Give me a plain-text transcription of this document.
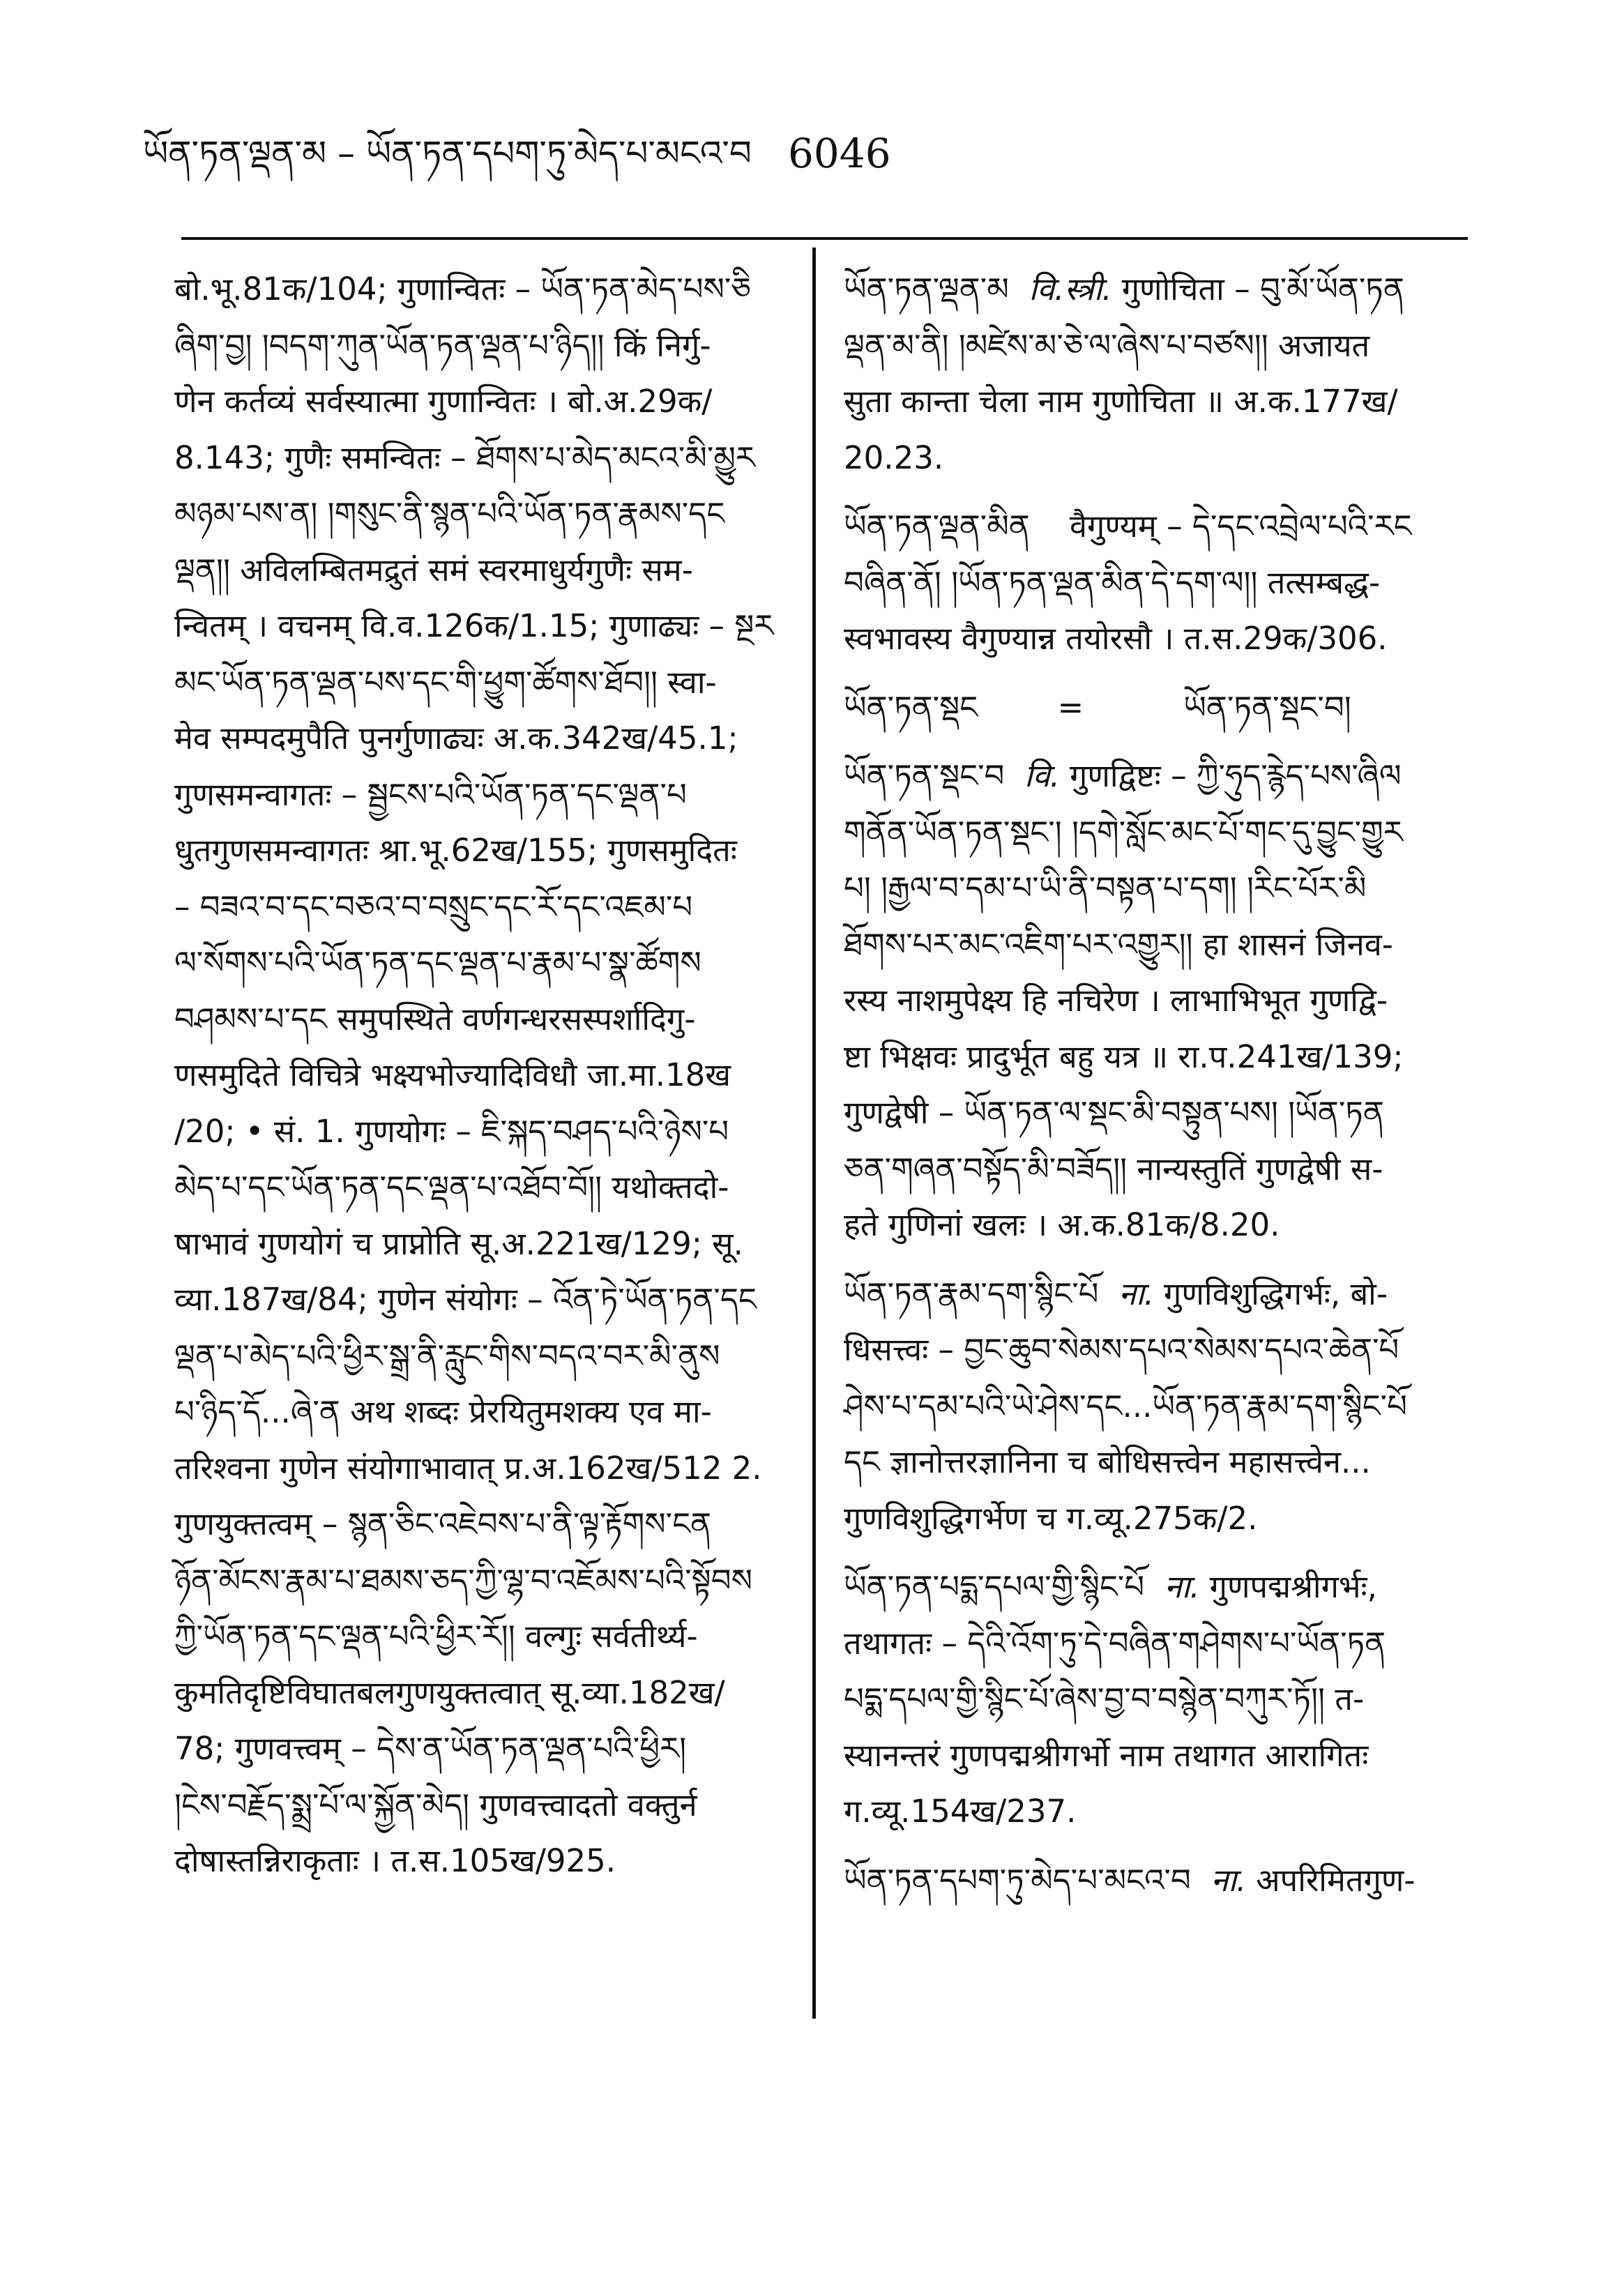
ཡོན་ཏན་ལྡན་མ – ཡོན་ཏན་དཔག་ཏུ་མེད་པ་མངའ་བ 6046
बो.भू.81क/104; गुणान्वितः – ཡོན་ཏན་མེད་པས་ཅི
ཞིག་བྱ། །བདག་ཀུན་ཡོན་ཏན་ལྡན་པ་ཉིད།། किं निर्गु-
णेन कर्तव्यं सर्वस्यात्मा गुणान्वितः । बो.अ.29क/
8.143; गुणैः समन्वितः – ཐོགས་པ་མེད་མངའ་མི་མྱུར
མཉམ་པས་ན། །གསུང་ནི་སྙན་པའི་ཡོན་ཏན་རྣམས་དང
ལྡན།། अविलम्बितमद्रुतं समं स्वरमाधुर्यगुणैः सम-
न्वितम् । वचनम् वि.व.126क/1.15; गुणाढ्यः – སྔར
མང་ཡོན་ཏན་ལྡན་པས་དང་གི་ཕྱུག་ཚོགས་ཐོབ།། स्वा-
मेव सम्पदमुपैति पुनर्गुणाढ्यः अ.क.342ख/45.1;
गुणसमन्वागतः – སྦྱངས་པའི་ཡོན་ཏན་དང་ལྡན་པ
धुतगुणसमन्वागतः श्रा.भू.62ख/155; गुणसमुदितः
– བཟའ་བ་དང་བཅའ་བ་བསྲུང་དང་རོ་དང་འཇམ་པ
ལ་སོགས་པའི་ཡོན་ཏན་དང་ལྡན་པ་རྣམ་པ་སྣ་ཚོགས
བཤམས་པ་དང समुपस्थिते वर्णगन्धरसस्पर्शादिगु-
णसमुदिते विचित्रे भक्ष्यभोज्यादिविधौ जा.मा.18ख
/20; • सं. 1. गुणयोगः – ཇི་སྐད་བཤད་པའི་ཉེས་པ
མེད་པ་དང་ཡོན་ཏན་དང་ལྡན་པ་འཐོབ་བོ།། यथोक्तदो-
षाभावं गुणयोगं च प्राप्नोति सू.अ.221ख/129; सू.
व्या.187ख/84; गुणेन संयोगः – འོན་ཏེ་ཡོན་ཏན་དང
ལྡན་པ་མེད་པའི་ཕྱིར་སྒྲ་ནི་རླུང་གིས་བདའ་བར་མི་ནུས
པ་ཉིད་དོ...ཞེ་ན अथ शब्दः प्रेरयितुमशक्य एव मा-
तरिश्वना गुणेन संयोगाभावात् प्र.अ.162ख/512 2.
गुणयुक्तत्वम् – སྙན་ཅིང་འཇེབས་པ་ནི་ལྟ་རྟོགས་ངན
ཉོན་མོངས་རྣམ་པ་ཐམས་ཅད་ཀྱི་ལྷ་བ་འཇོམས་པའི་སྟོབས
ཀྱི་ཡོན་ཏན་དང་ལྡན་པའི་ཕྱིར་རོ།། वल्गुः सर्वतीर्थ्य-
कुमतिदृष्टिविघातबलगुणयुक्तत्वात् सू.व्या.182ख/
78; गुणवत्त्वम् – དེས་ན་ཡོན་ཏན་ལྡན་པའི་ཕྱིར།
།ངེས་བརྗོད་སྨྲ་པོ་ལ་སྐྱོན་མེད། गुणवत्त्वादतो वक्तुर्न
दोषास्तन्निराकृताः । त.स.105ख/925.
ཡོན་ཏན་ལྡན་མ वि.स्त्री. गुणोचिता – བུ་མོ་ཡོན་ཏན
ལྡན་མ་ནི། །མཛེས་མ་ཅེ་ལ་ཞེས་པ་བཙས།། अजायत
सुता कान्ता चेला नाम गुणोचिता ॥ अ.क.177ख/
20.23.
ཡོན་ཏན་ལྡན་མིན वैगुण्यम् – དེ་དང་འབྲེལ་པའི་རང
བཞིན་ནོ། །ཡོན་ཏན་ལྡན་མིན་དེ་དག་ལ།། तत्सम्बद्ध-
स्वभावस्य वैगुण्यान्न तयोरसौ । त.स.29क/306.
ཡོན་ཏན་སྡང	=          ཡོན་ཏན་སྡང་བ།
ཡོན་ཏན་སྡང་བ वि. गुणद्विष्टः – ཀྱི་ཧུད་རྙེད་པས་ཞིལ
གནོན་ཡོན་ཏན་སྡང་། །དགེ་སློང་མང་པོ་གང་དུ་བྱུང་གྱུར
པ། །རྒྱལ་བ་དམ་པ་ཡི་ནི་བསྟན་པ་དག། །རིང་པོར་མི
ཐོགས་པར་མང་འཇིག་པར་འགྱུར།། हा शासनं जिनव-
रस्य नाशमुपेक्ष्य हि नचिरेण । लाभाभिभूत गुणद्वि-
ष्टा भिक्षवः प्रादुर्भूत बहु यत्र ॥ रा.प.241ख/139;
गुणद्वेषी – ཡོན་ཏན་ལ་སྡང་མི་བསྟུན་པས། །ཡོན་ཏན
ཅན་གཞན་བསྟོད་མི་བཟོད།། नान्यस्तुतिं गुणद्वेषी स-
हते गुणिनां खलः । अ.क.81क/8.20.
ཡོན་ཏན་རྣམ་དག་སྙིང་པོ ना. गुणविशुद्धिगर्भः, बो-
धिसत्त्वः – བྱང་ཆུབ་སེམས་དཔའ་སེམས་དཔའ་ཆེན་པོ
ཤེས་པ་དམ་པའི་ཡེ་ཤེས་དང...ཡོན་ཏན་རྣམ་དག་སྙིང་པོ
དང ज्ञानोत्तरज्ञानिना च बोधिसत्त्वेन महासत्त्वेन...
गुणविशुद्धिगर्भेण च ग.व्यू.275क/2.
ཡོན་ཏན་པདྨ་དཔལ་གྱི་སྙིང་པོ ना. गुणपद्मश्रीगर्भः,
तथागतः – དེའི་འོག་ཏུ་དེ་བཞིན་གཤེགས་པ་ཡོན་ཏན
པདྨ་དཔལ་གྱི་སྙིང་པོ་ཞེས་བྱ་བ་བསྙེན་བཀུར་ཏོ།། त-
स्यानन्तरं गुणपद्मश्रीगर्भो नाम तथागत आरागितः
ग.व्यू.154ख/237.
ཡོན་ཏན་དཔག་ཏུ་མེད་པ་མངའ་བ ना. अपरिमितगुण-
